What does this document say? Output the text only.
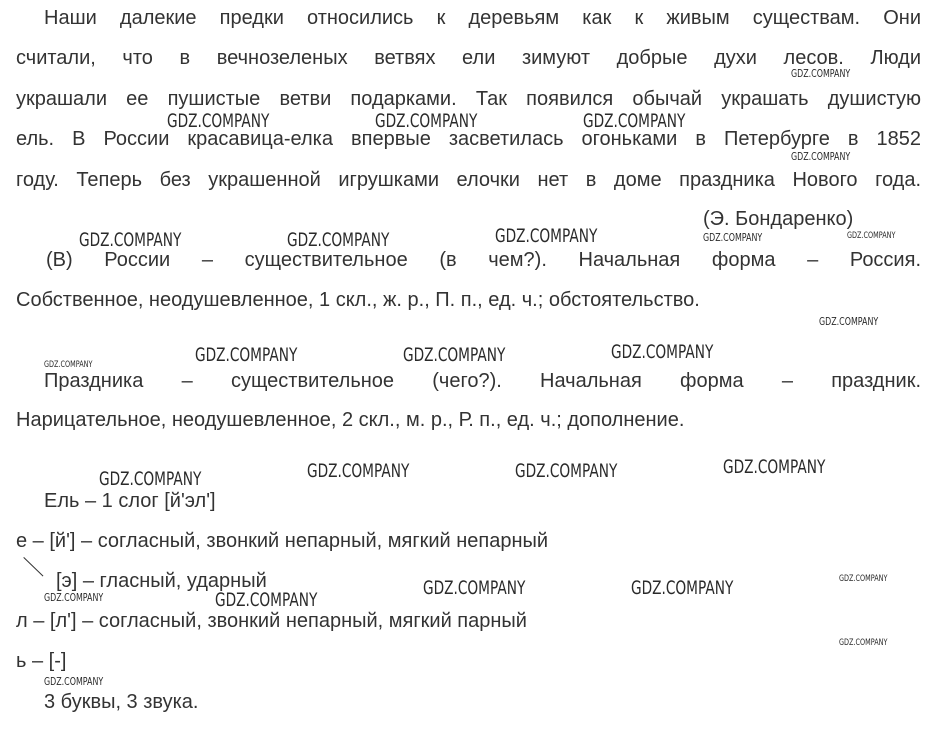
Наши далекие предки относились к деревьям как к живым существам. Они
считали, что в вечнозеленых ветвях ели зимуют добрые духи лесов. Люди
украшали ее пушистые ветви подарками. Так появился обычай украшать душистую
ель. В России красавица-елка впервые засветилась огоньками в Петербурге в 1852
году. Теперь без украшенной игрушками елочки нет в доме праздника Нового года.
(Э. Бондаренко)
(В) России – существительное (в чем?). Начальная форма – Россия.
Собственное, неодушевленное, 1 скл., ж. р., П. п., ед. ч.; обстоятельство.
Праздника – существительное (чего?). Начальная форма – праздник.
Нарицательное, неодушевленное, 2 скл., м. р., Р. п., ед. ч.; дополнение.
Ель – 1 слог [й'эл']
е – [й'] – согласный, звонкий непарный, мягкий непарный
[э] – гласный, ударный
л – [л'] – согласный, звонкий непарный, мягкий парный
ь – [-]
3 буквы, 3 звука.
GDZ.COMPANY
GDZ.COMPANY	GDZ.COMPANY	GDZ.COMPANY
GDZ.COMPANY
GDZ.COMPANY	GDZ.COMPANY	GDZ.COMPANY	GDZ.COMPANY	GDZ.COMPANY
GDZ.COMPANY
GDZ.COMPANY	GDZ.COMPANY	GDZ.COMPANY	GDZ.COMPANY
GDZ.COMPANY	GDZ.COMPANY	GDZ.COMPANY	GDZ.COMPANY
GDZ.COMPANY	GDZ.COMPANY
GDZ.COMPANY	GDZ.COMPANY	GDZ.COMPANY
GDZ.COMPANY
GDZ.COMPANY
